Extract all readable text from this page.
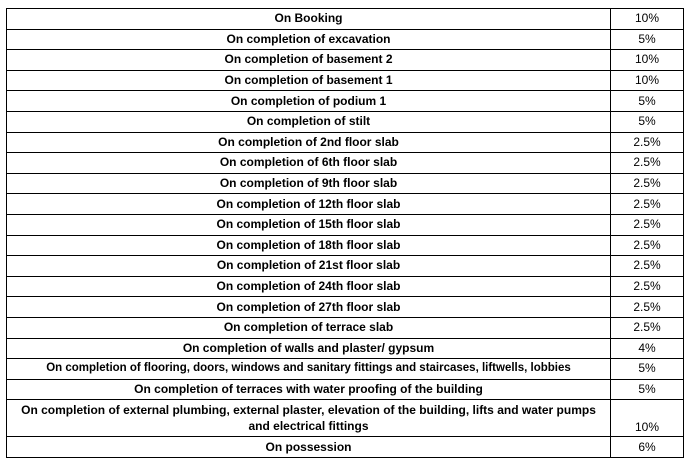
On Booking	10%
On completion of excavation	5%
On completion of basement 2	10%
On completion of basement 1	10%
On completion of podium 1	5%
On completion of stilt	5%
On completion of 2nd floor slab	2.5%
On completion of 6th floor slab	2.5%
On completion of 9th floor slab	2.5%
On completion of 12th floor slab	2.5%
On completion of 15th floor slab	2.5%
On completion of 18th floor slab	2.5%
On completion of 21st floor slab	2.5%
On completion of 24th floor slab	2.5%
On completion of 27th floor slab	2.5%
On completion of terrace slab	2.5%
On completion of walls and plaster/ gypsum	4%
On completion of flooring, doors, windows and sanitary fittings and staircases, liftwells, lobbies	5%
On completion of terraces with water proofing of the building	5%
On completion of external plumbing, external plaster, elevation of the building, lifts and water pumps and electrical fittings	10%
On possession	6%
